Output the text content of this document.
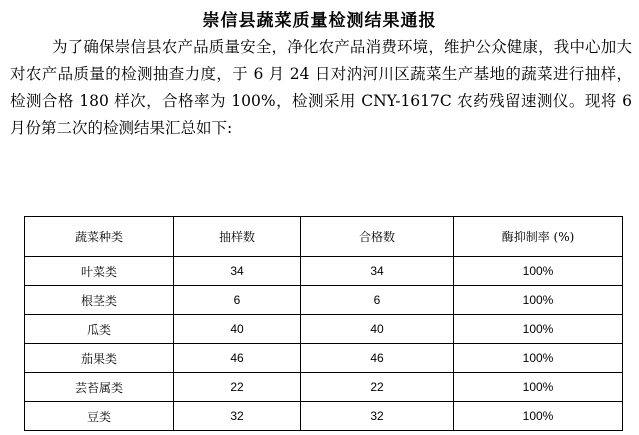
崇信县蔬菜质量检测结果通报
为了确保崇信县农产品质量安全，净化农产品消费环境，维护公众健康，我中心加大对农产品质量的检测抽查力度，于 6 月 24 日对汭河川区蔬菜生产基地的蔬菜进行抽样，检测合格 180 样次，合格率为 100%，检测采用 CNY-1617C 农药残留速测仪。现将 6 月份第二次的检测结果汇总如下:
蔬菜种类	抽样数	合格数	酶抑制率 (%)
叶菜类	34	34	100%
根茎类	6	6	100%
瓜类	40	40	100%
茄果类	46	46	100%
芸苔属类	22	22	100%
豆类	32	32	100%
